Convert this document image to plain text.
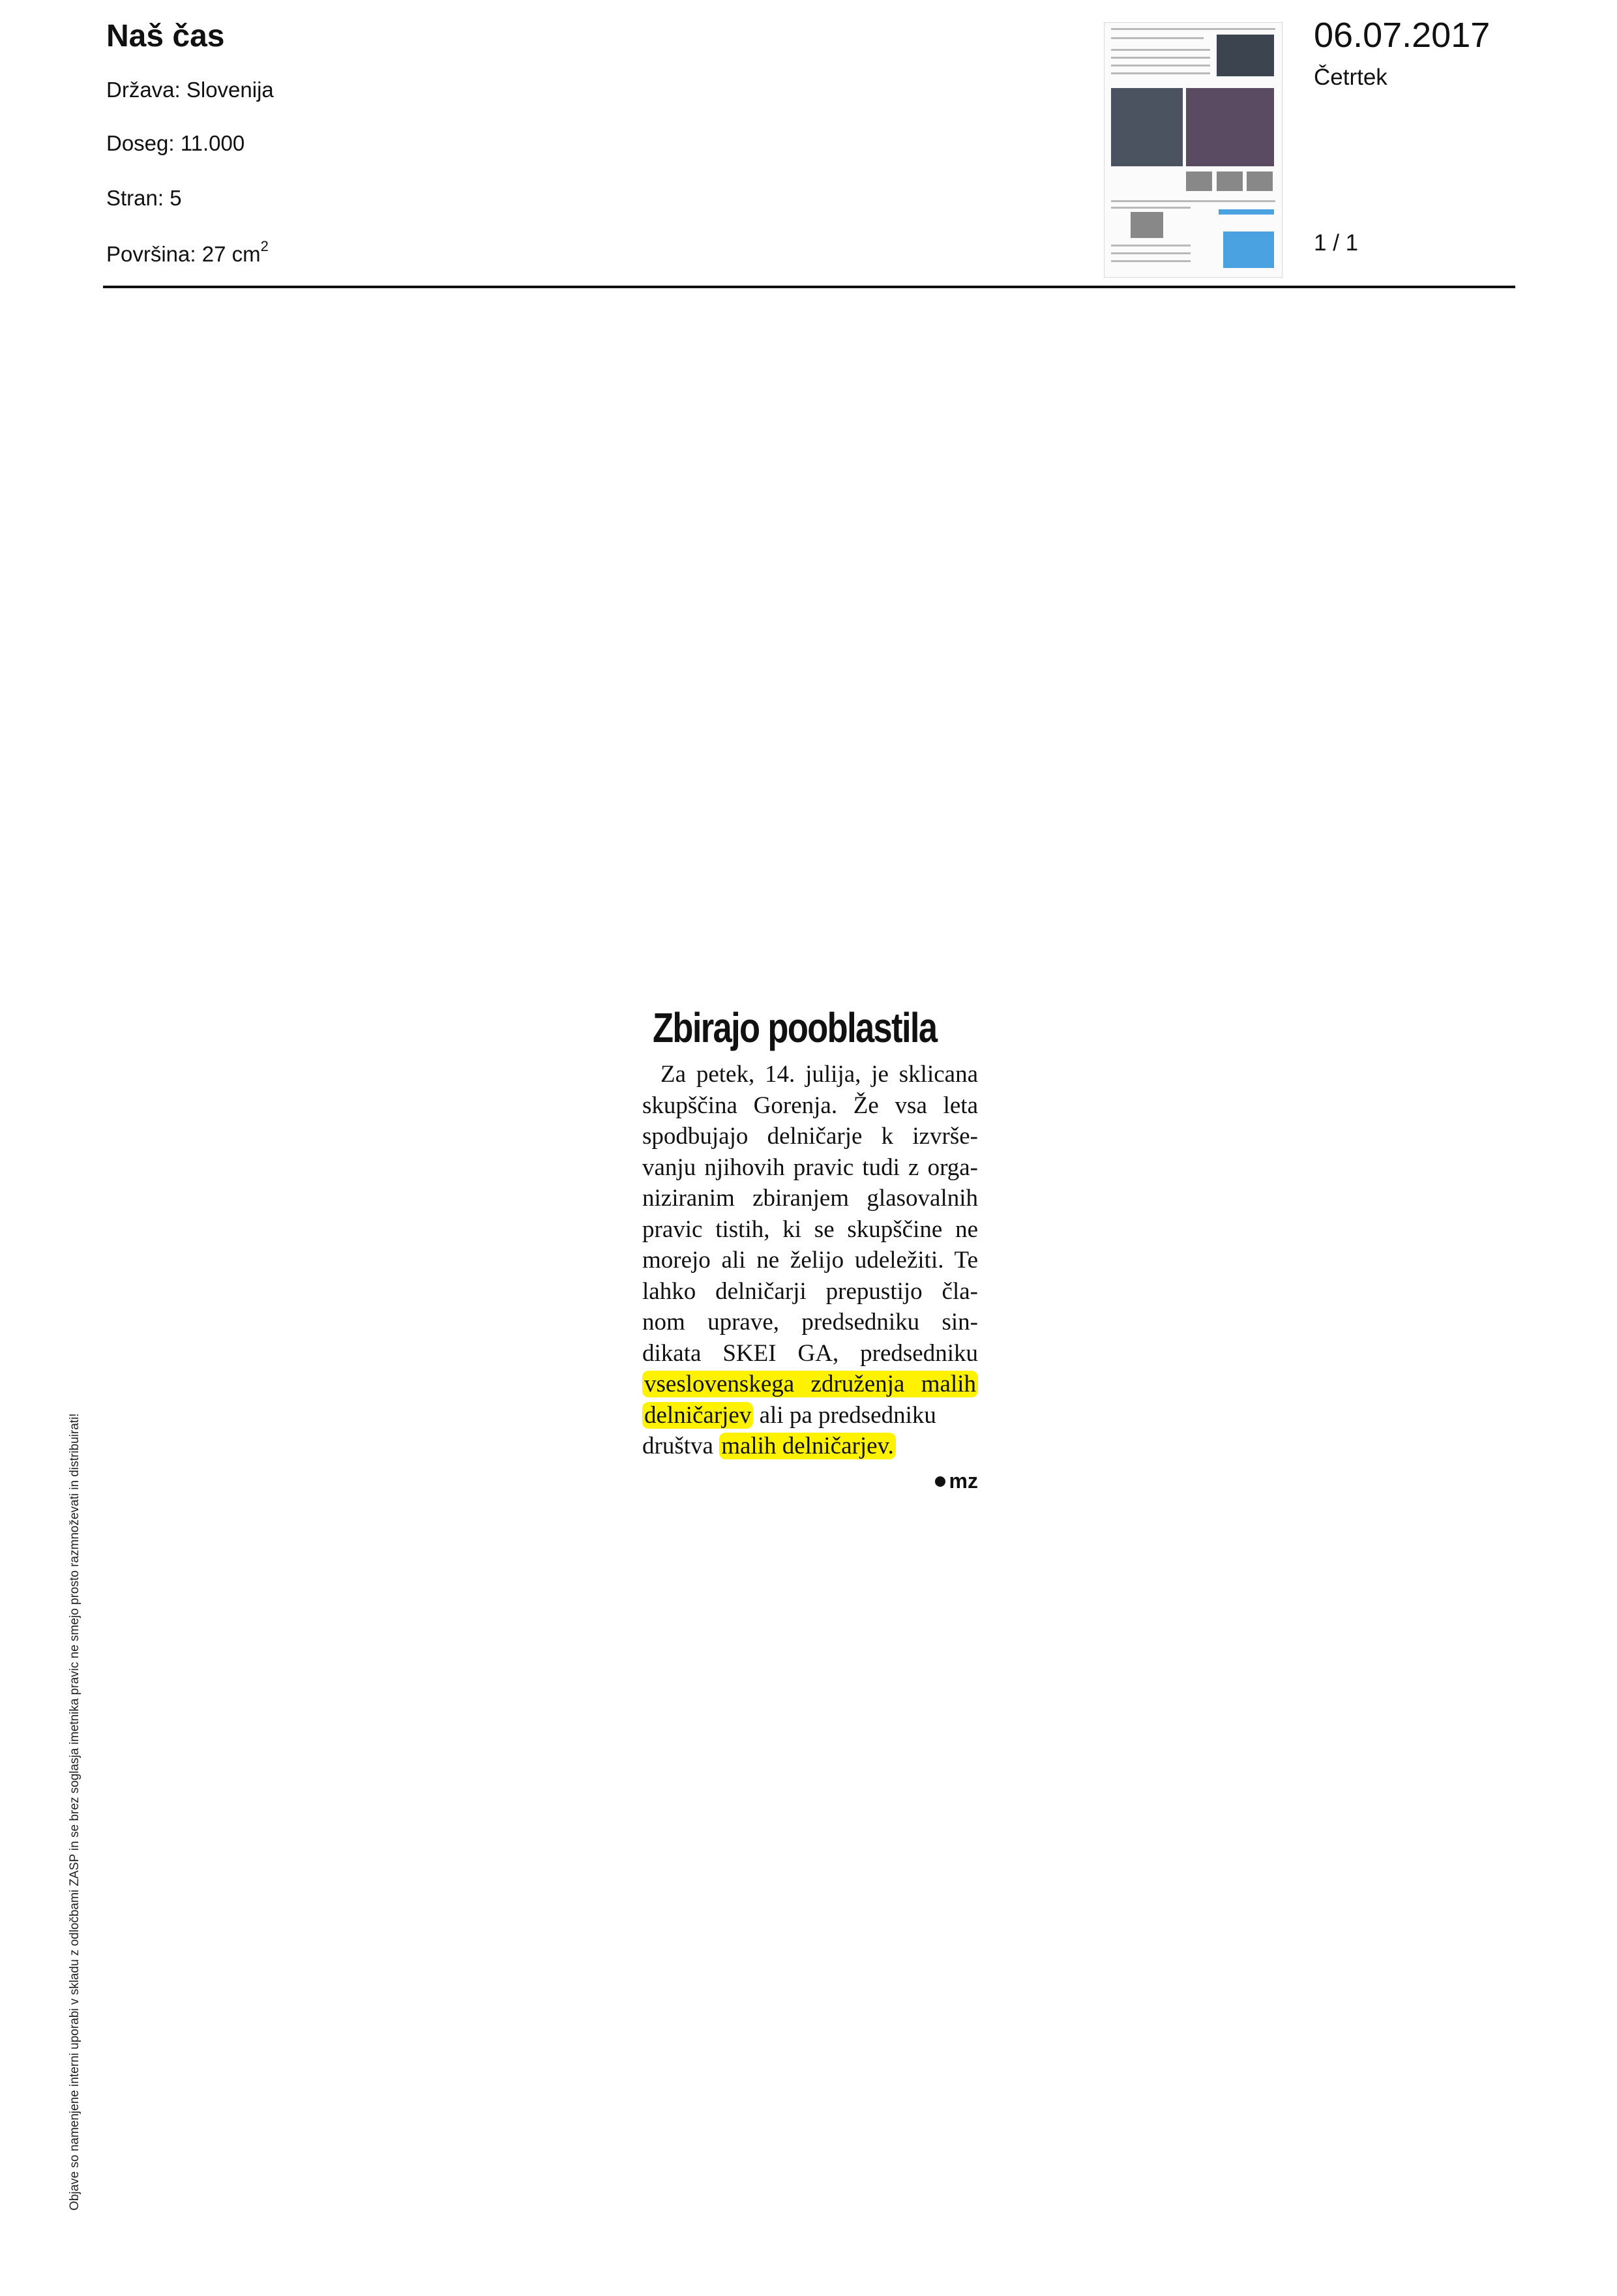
Naš čas
Država: Slovenija
Doseg: 11.000
Stran: 5
Površina: 27 $cm^2$
06.07.2017
Četrtek
1 / 1
Objave so namenjene interni uporabi v skladu z odločbami ZASP in se brez soglasja imetnika pravic ne smejo prosto razmnoževati in distribuirati!
Zbirajo pooblastila
Za petek, 14. julija, je sklicana
skupščina Gorenja. Že vsa leta
spodbujajo delničarje k izvrše-
vanju njihovih pravic tudi z orga-
niziranim zbiranjem glasovalnih
pravic tistih, ki se skupščine ne
morejo ali ne želijo udeležiti. Te
lahko delničarji prepustijo čla-
nom uprave, predsedniku sin-
dikata SKEI GA, predsedniku
vseslovenskega združenja malih
delničarjev ali pa predsedniku
društva malih delničarjev.
mz
